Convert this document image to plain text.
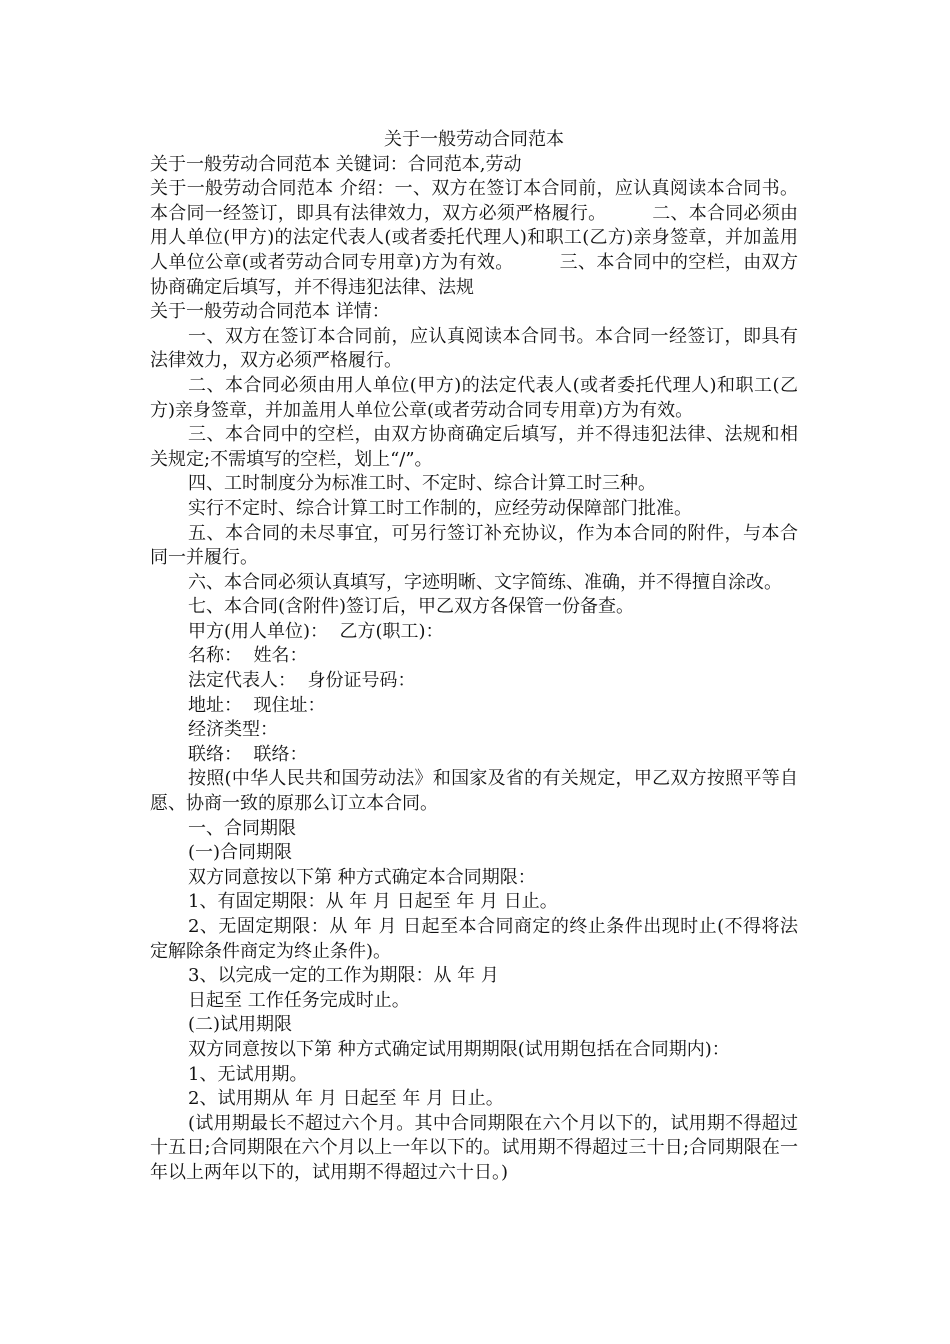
关于一般劳动合同范本

关于一般劳动合同范本 关键词：合同范本,劳动

关于一般劳动合同范本 介绍：一、双方在签订本合同前，应认真阅读本合同书。本合同一经签订，即具有法律效力，双方必须严格履行。　　　二、本合同必须由用人单位(甲方)的法定代表人(或者委托代理人)和职工(乙方)亲身签章，并加盖用人单位公章(或者劳动合同专用章)方为有效。　　　三、本合同中的空栏，由双方协商确定后填写，并不得违犯法律、法规

关于一般劳动合同范本 详情：

一、双方在签订本合同前，应认真阅读本合同书。本合同一经签订，即具有法律效力，双方必须严格履行。

二、本合同必须由用人单位(甲方)的法定代表人(或者委托代理人)和职工(乙方)亲身签章，并加盖用人单位公章(或者劳动合同专用章)方为有效。

三、本合同中的空栏，由双方协商确定后填写，并不得违犯法律、法规和相关规定;不需填写的空栏，划上“/”。

四、工时制度分为标准工时、不定时、综合计算工时三种。

实行不定时、综合计算工时工作制的，应经劳动保障部门批准。

五、本合同的未尽事宜，可另行签订补充协议，作为本合同的附件，与本合同一并履行。

六、本合同必须认真填写，字迹明晰、文字简练、准确，并不得擅自涂改。

七、本合同(含附件)签订后，甲乙双方各保管一份备查。

甲方(用人单位)：  乙方(职工)：

名称：  姓名：

法定代表人：  身份证号码：

地址：  现住址：

经济类型：

联络：  联络：

按照(中华人民共和国劳动法》和国家及省的有关规定，甲乙双方按照平等自愿、协商一致的原那么订立本合同。

一、合同期限

(一)合同期限

双方同意按以下第 种方式确定本合同期限：

1、有固定期限：从 年 月 日起至 年 月 日止。

2、无固定期限：从 年 月 日起至本合同商定的终止条件出现时止(不得将法定解除条件商定为终止条件)。

3、以完成一定的工作为期限：从 年 月

日起至 工作任务完成时止。

(二)试用期限

双方同意按以下第 种方式确定试用期期限(试用期包括在合同期内)：

1、无试用期。

2、试用期从 年 月 日起至 年 月 日止。

(试用期最长不超过六个月。其中合同期限在六个月以下的，试用期不得超过十五日;合同期限在六个月以上一年以下的。试用期不得超过三十日;合同期限在一年以上两年以下的，试用期不得超过六十日。)
